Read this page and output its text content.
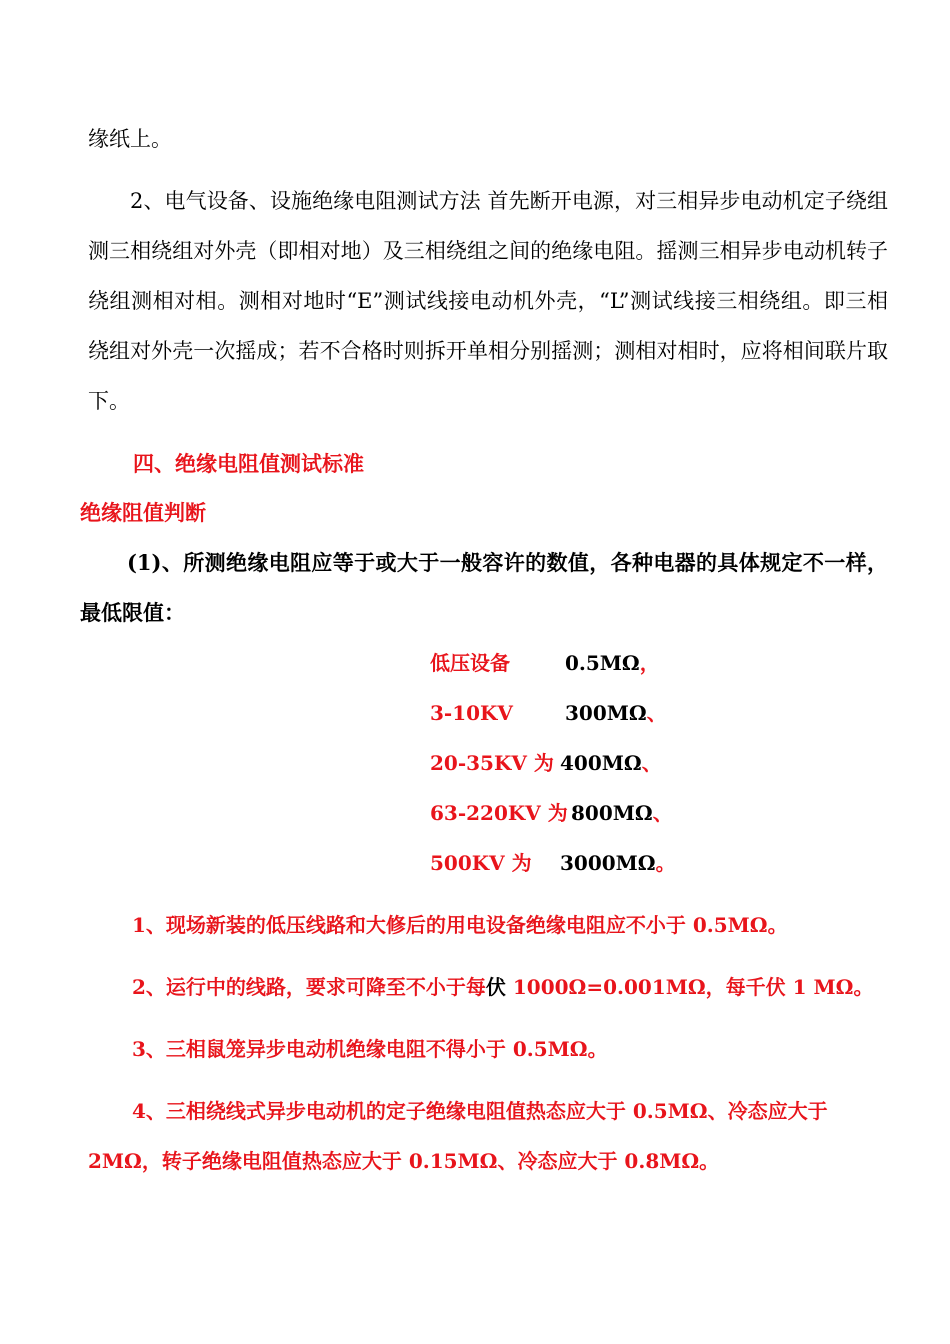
缘纸上。

2、电气设备、设施绝缘电阻测试方法 首先断开电源，对三相异步电动机定子绕组测三相绕组对外壳（即相对地）及三相绕组之间的绝缘电阻。摇测三相异步电动机转子绕组测相对相。测相对地时“E”测试线接电动机外壳，“L”测试线接三相绕组。即三相绕组对外壳一次摇成；若不合格时则拆开单相分别摇测；测相对相时，应将相间联片取下。

四、绝缘电阻值测试标准

绝缘阻值判断

(1)、所测绝缘电阻应等于或大于一般容许的数值，各种电器的具体规定不一样，最低限值：

低压设备	0.5MΩ，
3-10KV	300MΩ、
20-35KV 为 400MΩ、
63-220KV 为 800MΩ、
500KV 为 3000MΩ。

1、现场新装的低压线路和大修后的用电设备绝缘电阻应不小于 0.5MΩ。

2、运行中的线路，要求可降至不小于每伏 1000Ω=0.001MΩ，每千伏 1 MΩ。

3、三相鼠笼异步电动机绝缘电阻不得小于 0.5MΩ。

4、三相绕线式异步电动机的定子绝缘电阻值热态应大于 0.5MΩ、冷态应大于 2MΩ，转子绝缘电阻值热态应大于 0.15MΩ、冷态应大于 0.8MΩ。
